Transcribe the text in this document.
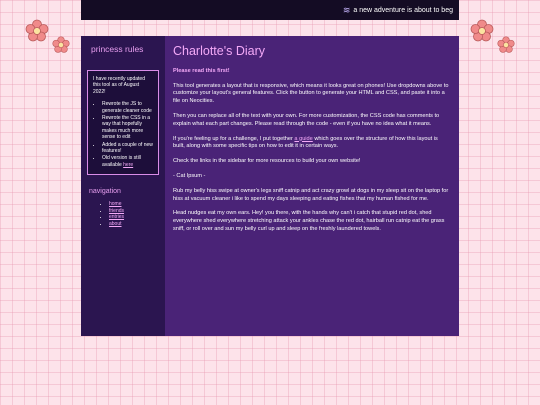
≋ a new adventure is about to beg
princess rules
I have recently updated this tool as of August 2022!
• Rewrote the JS to generate cleaner code
• Rewrote the CSS in a way that hopefully makes much more sense to edit
• Added a couple of new features!
• Old version is still available here
navigation
• home
• friends
• entries
• about
Charlotte's Diary

Please read this first!

This tool generates a layout that is responsive, which means it looks great on phones! Use dropdowns above to customize your layout's general features. Click the button to generate your HTML and CSS, and paste it into a file on Neocities.

Then you can replace all of the text with your own. For more customization, the CSS code has comments to explain what each part changes. Please read through the code - even if you have no idea what it means.

If you're feeling up for a challenge, I put together a guide which goes over the structure of how this layout is built, along with some specific tips on how to edit it in certain ways.

Check the links in the sidebar for more resources to build your own website!

- Cat Ipsum -

Rub my belly hiss swipe at owner's legs sniff catnip and act crazy growl at dogs in my sleep sit on the laptop for hiss at vacuum cleaner i like to spend my days sleeping and eating fishes that my human fished for me.

Head nudges eat my own ears. Hey! you there, with the hands why can't i catch that stupid red dot, shed everywhere shed everywhere stretching attack your ankles chase the red dot, hairball run catnip eat the grass sniff, or roll over and sun my belly curl up and sleep on the freshly laundered towels.
